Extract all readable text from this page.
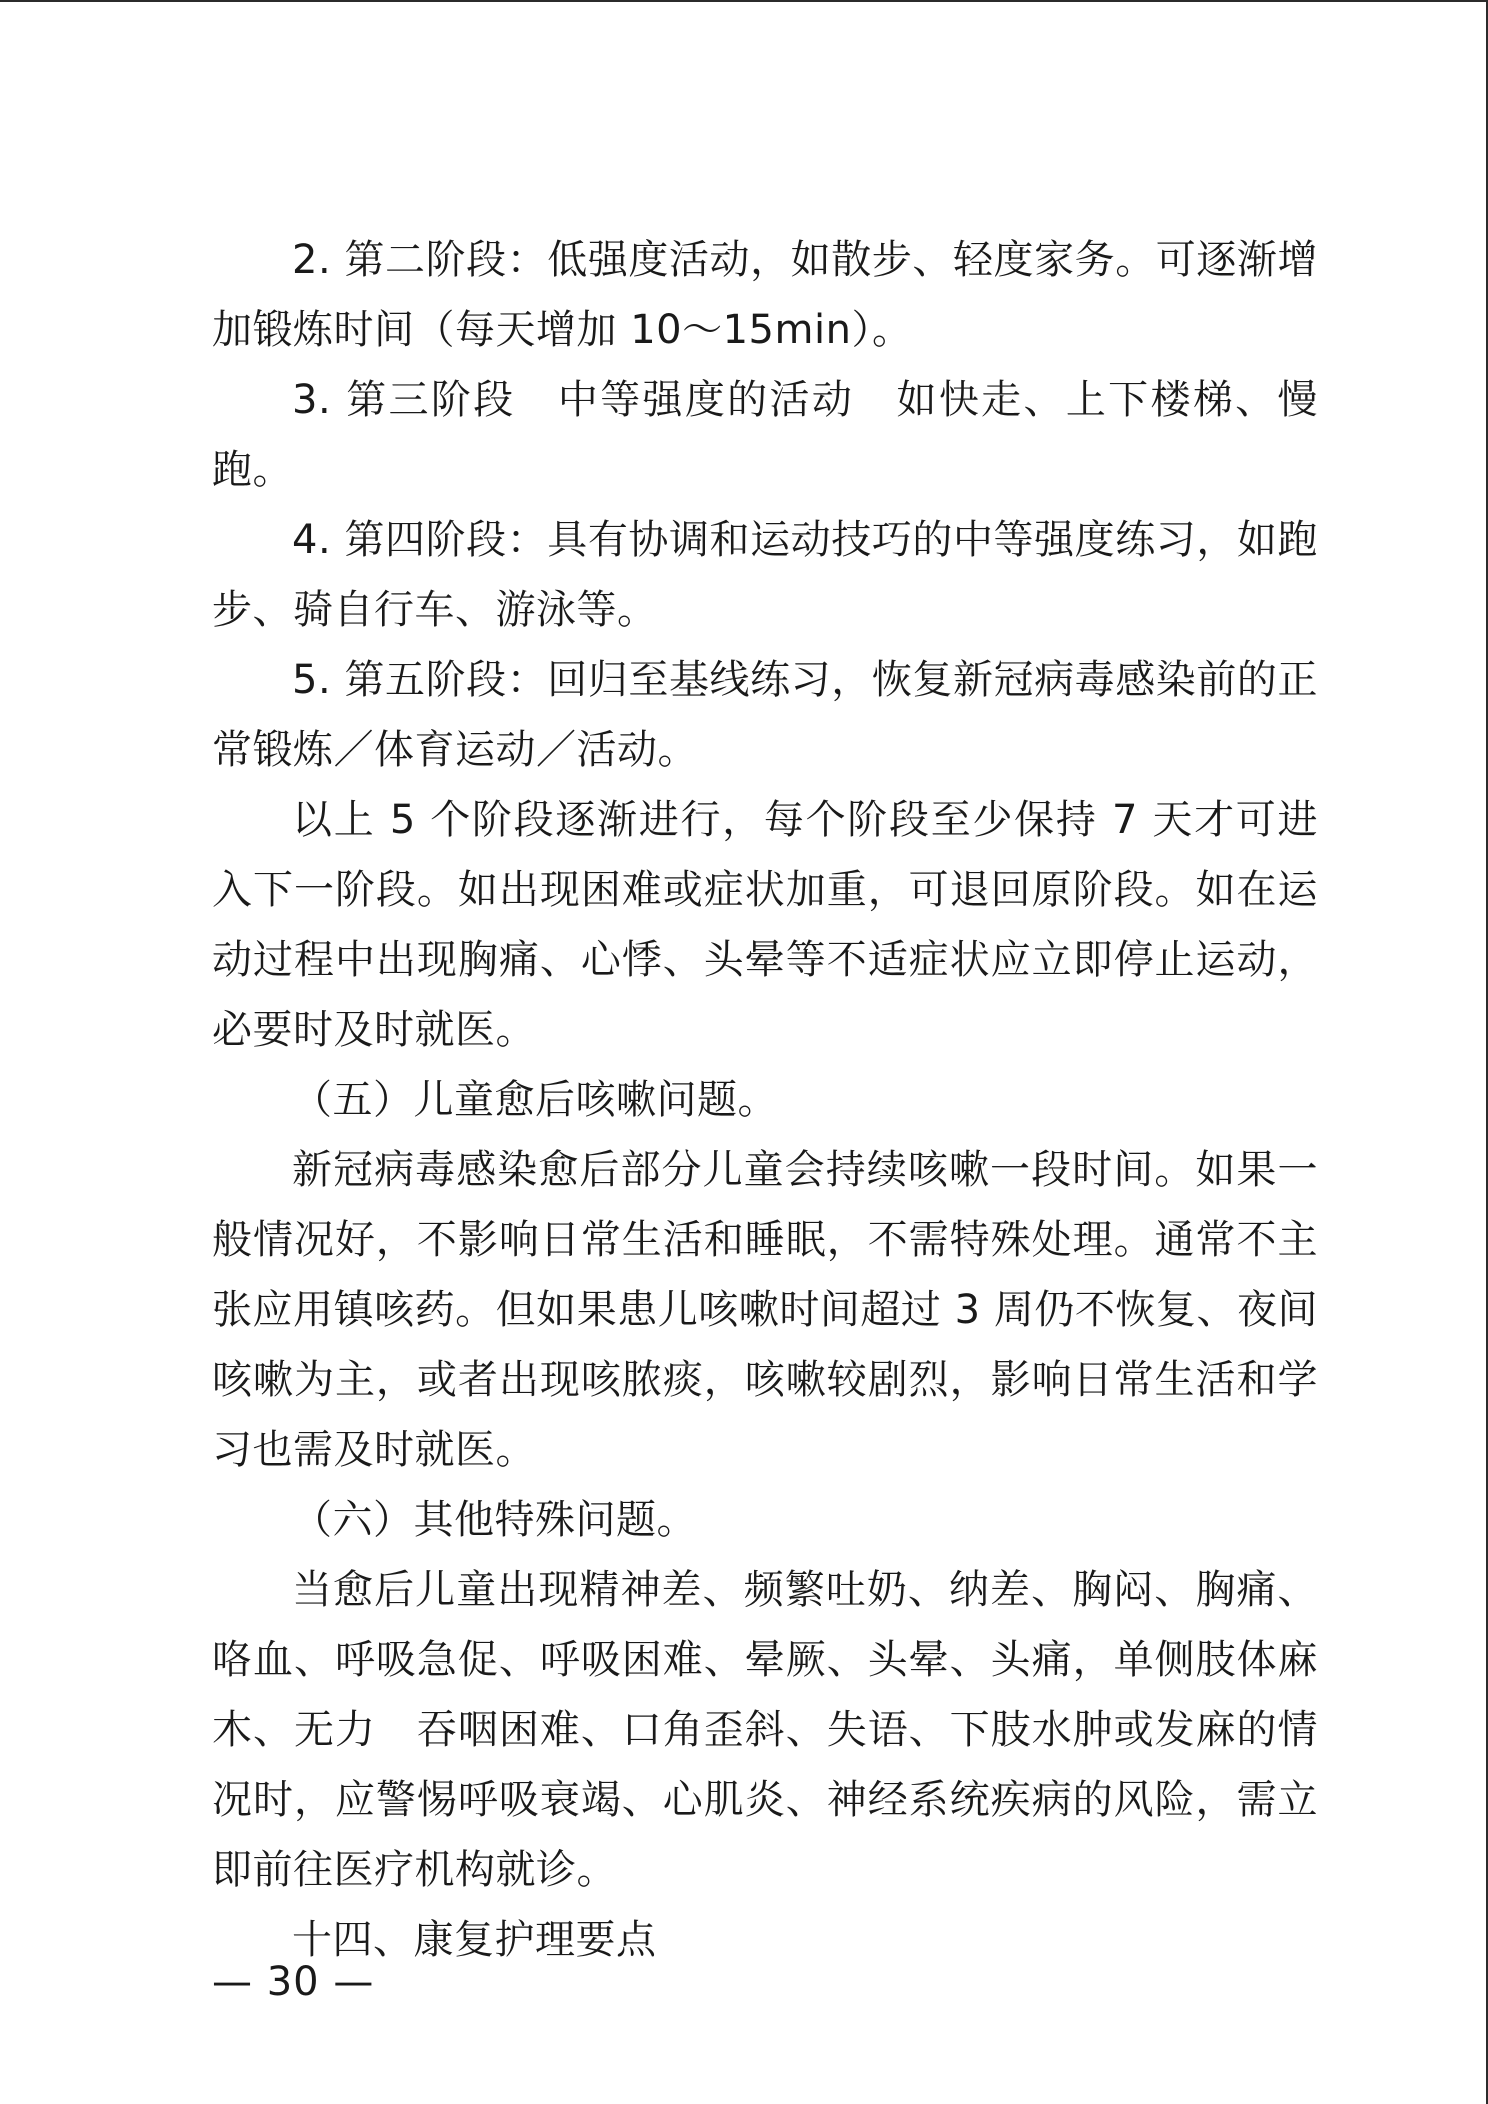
2. 第二阶段：低强度活动，如散步、轻度家务。可逐渐增加锻炼时间（每天增加 10～15min）。

3. 第三阶段　中等强度的活动　如快走、上下楼梯、慢跑。

4. 第四阶段：具有协调和运动技巧的中等强度练习，如跑步、骑自行车、游泳等。

5. 第五阶段：回归至基线练习，恢复新冠病毒感染前的正常锻炼／体育运动／活动。

以上 5 个阶段逐渐进行，每个阶段至少保持 7 天才可进入下一阶段。如出现困难或症状加重，可退回原阶段。如在运动过程中出现胸痛、心悸、头晕等不适症状应立即停止运动，必要时及时就医。

（五）儿童愈后咳嗽问题。

新冠病毒感染愈后部分儿童会持续咳嗽一段时间。如果一般情况好，不影响日常生活和睡眠，不需特殊处理。通常不主张应用镇咳药。但如果患儿咳嗽时间超过 3 周仍不恢复、夜间咳嗽为主，或者出现咳脓痰，咳嗽较剧烈，影响日常生活和学习也需及时就医。

（六）其他特殊问题。

当愈后儿童出现精神差、频繁吐奶、纳差、胸闷、胸痛、咯血、呼吸急促、呼吸困难、晕厥、头晕、头痛，单侧肢体麻木、无力　吞咽困难、口角歪斜、失语、下肢水肿或发麻的情况时，应警惕呼吸衰竭、心肌炎、神经系统疾病的风险，需立即前往医疗机构就诊。

十四、康复护理要点

— 30 —
